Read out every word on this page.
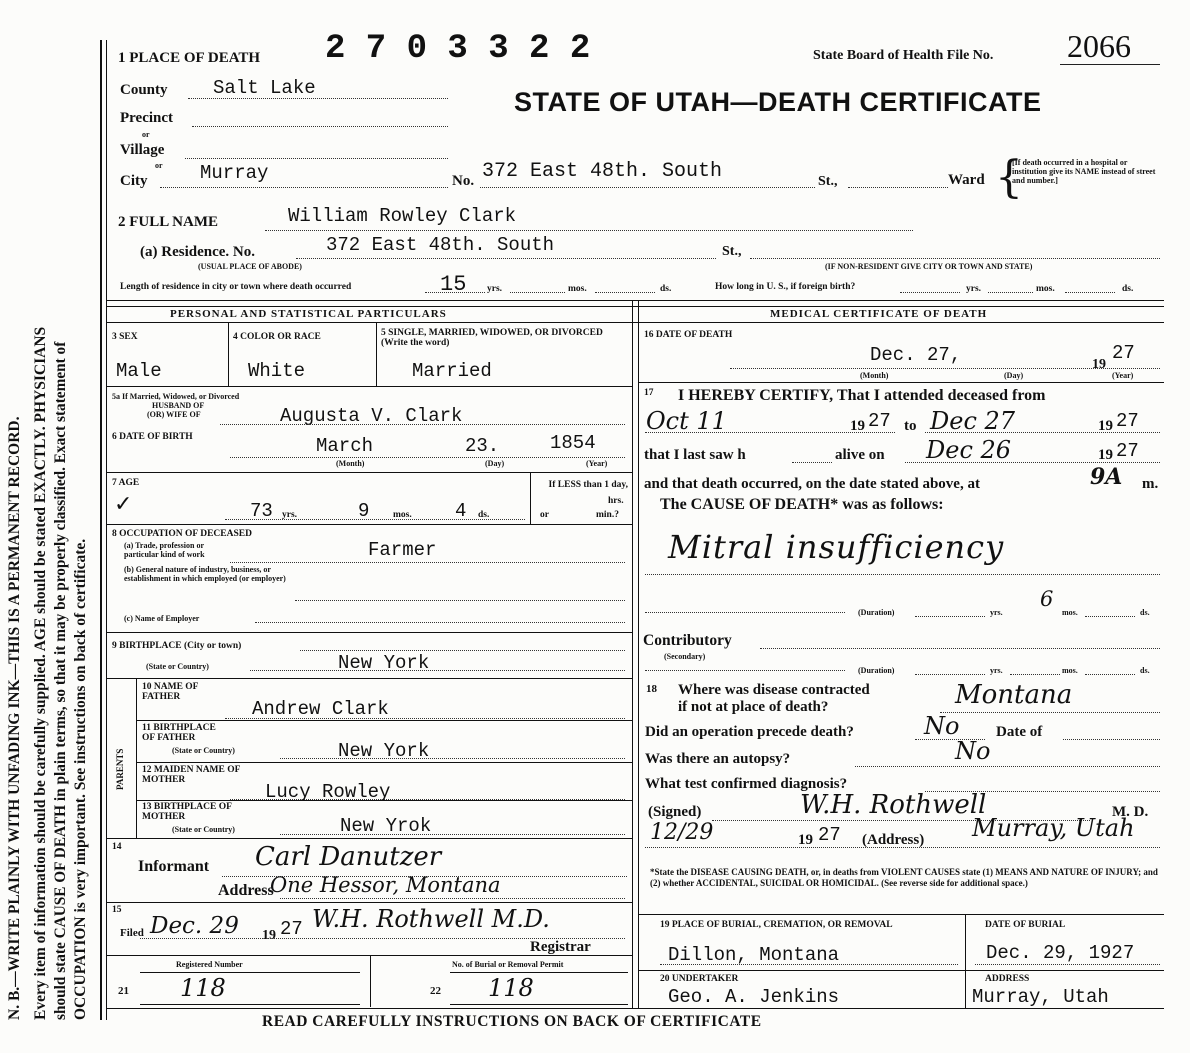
N. B.—WRITE PLAINLY WITH UNFADING INK—THIS IS A PERMANENT RECORD. Every item of information should be carefully supplied. AGE should be stated EXACTLY. PHYSICIANS should state CAUSE OF DEATH in plain terms, so that it may be properly classified. Exact statement of OCCUPATION is very important. See instructions on back of certificate.
1 PLACE OF DEATH 2 7 0 3 3 2 2	State Board of Health File No. 2066
STATE OF UTAH—DEATH CERTIFICATE
County Salt Lake
Precinct
or
Village
or
City	Murray	No. 372 East 48th. South	St.,	Ward {
[If death occurred in a hospital or institution give its NAME instead of street and number.]
2 FULL NAME	William Rowley Clark
(a) Residence. No.	372 East 48th. South	St.,
(USUAL PLACE OF ABODE)	(IF NON-RESIDENT GIVE CITY OR TOWN AND STATE)
Length of residence in city or town where death occurred	15 yrs.	mos.	ds.	How long in U. S., if foreign birth?	yrs.	mos.	ds.
PERSONAL AND STATISTICAL PARTICULARS	MEDICAL CERTIFICATE OF DEATH
3 SEX
Male
4 COLOR OR RACE
White
5 SINGLE, MARRIED, WIDOWED, OR DIVORCED (Write the word)
Married
5a If Married, Widowed, or Divorced
HUSBAND OF
(OR) WIFE OF	Augusta V. Clark
6 DATE OF BIRTH	March	23.	1854
(Month)	(Day)	(Year)
7 AGE
✓	73 yrs.	9 mos. 4 ds.
If LESS than 1 day,
hrs.
or	min.?
8 OCCUPATION OF DECEASED
(a) Trade, profession or particular kind of work	Farmer
(b) General nature of industry, business, or establishment in which employed (or employer)
(c) Name of Employer
9 BIRTHPLACE (City or town)
(State or Country)	New York
PARENTS
10 NAME OF FATHER
Andrew Clark
11 BIRTHPLACE OF FATHER
(State or Country)	New York
12 MAIDEN NAME OF MOTHER
Lucy Rowley
13 BIRTHPLACE OF MOTHER
(State or Country)	New Yrok
14
Informant Carl Danutzer
Address
One Hessor, Montana
15
Filed Dec. 29 19 27 W.H. Rothwell M.D.
Registrar
Registered Number	No. of Burial or Removal Permit
21 118	22 118
16 DATE OF DEATH
Dec. 27,	19
27
(Month)	(Day)	(Year)
17 I HEREBY CERTIFY, That I attended deceased from
Oct 11	19 27 to Dec 27	19 27
that I last saw h	alive on Dec 26	19 27
and that death occurred, on the date stated above, at	9A m.
The CAUSE OF DEATH* was as follows:
Mitral insufficiency
(Duration)	yrs.
6
mos.	ds.
Contributory
(Secondary)
(Duration)	yrs.	mos.	ds.
18 Where was disease contracted
if not at place of death?	Montana
Did an operation precede death?	No Date of
Was there an autopsy?	No
What test confirmed diagnosis?
(Signed)	W.H. Rothwell	M. D.
12/29	19 27 (Address) Murray, Utah
*State the DISEASE CAUSING DEATH, or, in deaths from VIOLENT CAUSES state (1) MEANS AND NATURE OF INJURY; and (2) whether ACCIDENTAL, SUICIDAL OR HOMICIDAL. (See reverse side for additional space.)
19 PLACE OF BURIAL, CREMATION, OR REMOVAL
Dillon, Montana
DATE OF BURIAL
Dec. 29, 1927
20 UNDERTAKER
Geo. A. Jenkins
ADDRESS
Murray, Utah
READ CAREFULLY INSTRUCTIONS ON BACK OF CERTIFICATE
